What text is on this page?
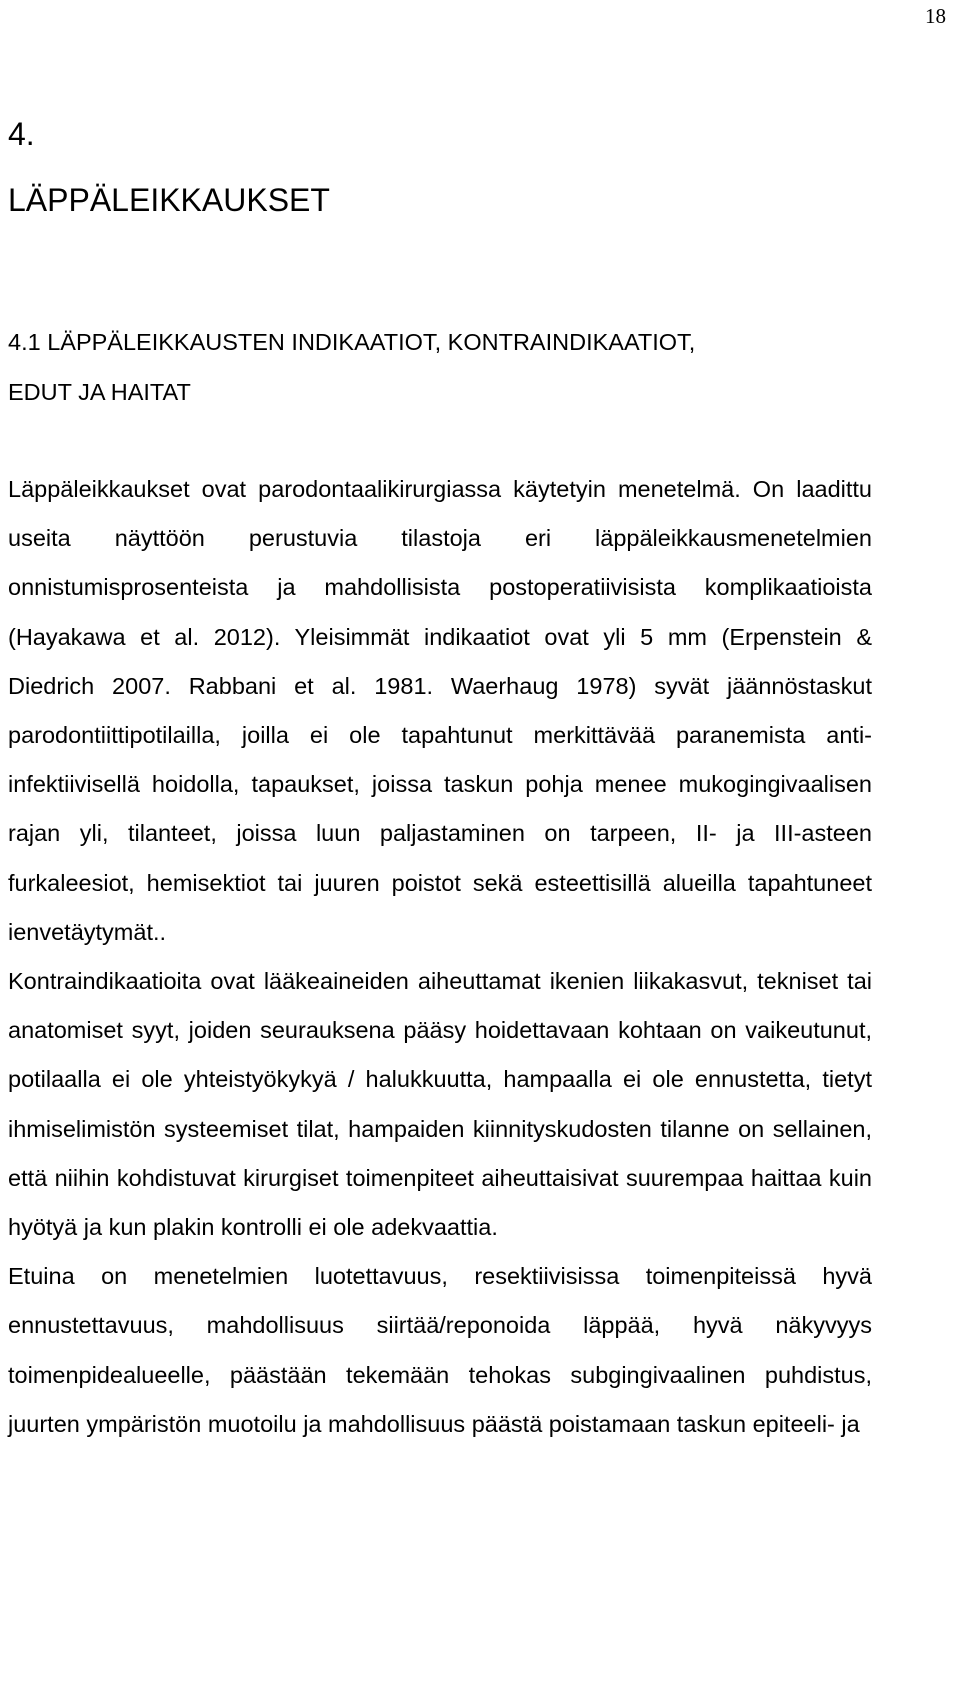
18
4.
LÄPPÄLEIKKAUKSET
4.1 LÄPPÄLEIKKAUSTEN INDIKAATIOT, KONTRAINDIKAATIOT,
EDUT JA HAITAT

Läppäleikkaukset ovat parodontaalikirurgiassa käytetyin menetelmä. On laadittu useita näyttöön perustuvia tilastoja eri läppäleikkausmenetelmien onnistumisprosenteista ja mahdollisista postoperatiivisista komplikaatioista (Hayakawa et al. 2012). Yleisimmät indikaatiot ovat yli 5 mm (Erpenstein & Diedrich 2007. Rabbani et al. 1981. Waerhaug 1978) syvät jäännöstaskut parodontiittipotilailla, joilla ei ole tapahtunut merkittävää paranemista anti-infektiivisellä hoidolla, tapaukset, joissa taskun pohja menee mukogingivaalisen rajan yli, tilanteet, joissa luun paljastaminen on tarpeen, II- ja III-asteen furkaleesiot, hemisektiot tai juuren poistot sekä esteettisillä alueilla tapahtuneet ienvetäytymät..

Kontraindikaatioita ovat lääkeaineiden aiheuttamat ikenien liikakasvut, tekniset tai anatomiset syyt, joiden seurauksena pääsy hoidettavaan kohtaan on vaikeutunut, potilaalla ei ole yhteistyökykyä / halukkuutta, hampaalla ei ole ennustetta, tietyt ihmiselimistön systeemiset tilat, hampaiden kiinnityskudosten tilanne on sellainen, että niihin kohdistuvat kirurgiset toimenpiteet aiheuttaisivat suurempaa haittaa kuin hyötyä ja kun plakin kontrolli ei ole adekvaattia.

Etuina on menetelmien luotettavuus, resektiivisissa toimenpiteissä hyvä ennustettavuus, mahdollisuus siirtää/reponoida läppää, hyvä näkyvyys toimenpidealueelle, päästään tekemään tehokas subgingivaalinen puhdistus, juurten ympäristön muotoilu ja mahdollisuus päästä poistamaan taskun epiteeli- ja
